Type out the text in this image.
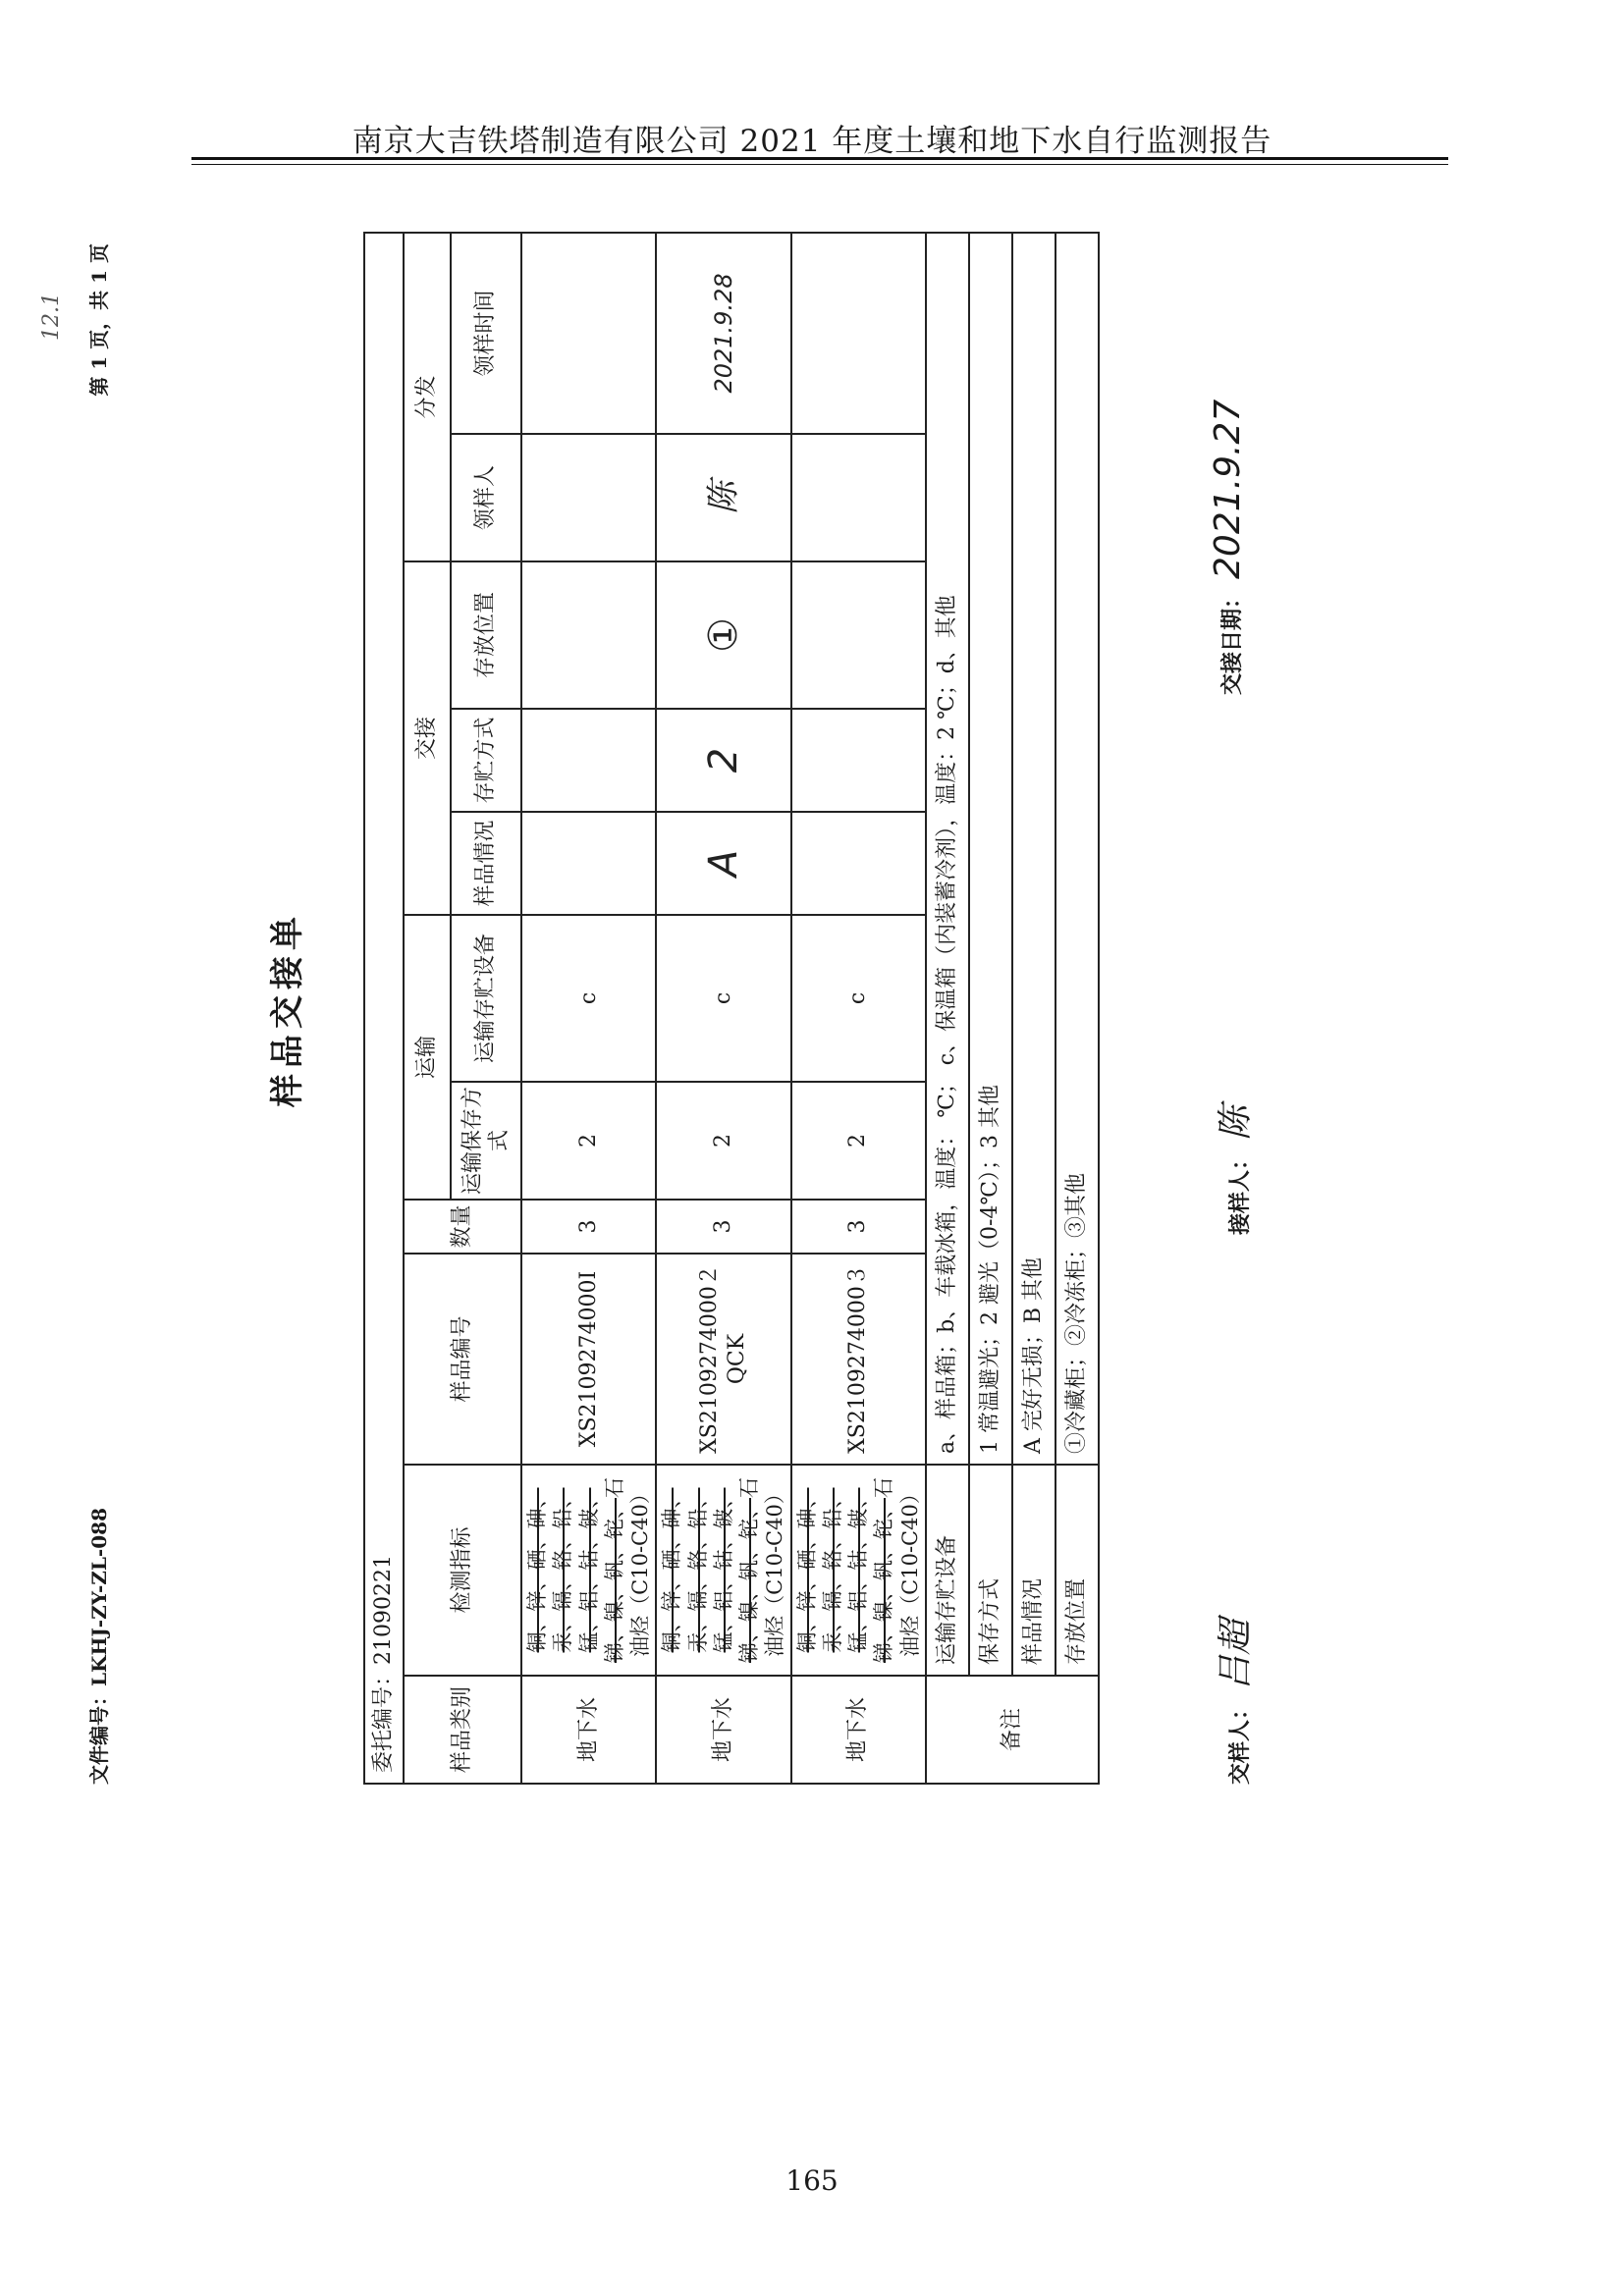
南京大吉铁塔制造有限公司 2021 年度土壤和地下水自行监测报告
样品交接单
第 1 页，共 1 页
12.1
文件编号：LKHJ-ZY-ZL-088	委托编号：21090221										
样品类别	检测指标	样品编号	数量	运输		交接			分发	
				运输保存方式	运输存贮设备	样品情况	存贮方式	存放位置	领样人	领样时间
地下水	铜、锌、硒、砷、汞、镉、铬、铅、锰、铝、钴、铍、锑、镍、钒、铊、石油烃（C10-C40）	XS2109274000I	3	2	c					
地下水	铜、锌、硒、砷、汞、镉、铬、铅、锰、铝、钴、铍、锑、镍、钒、铊、石油烃（C10-C40）	XS2109274000２QCK	3	2	c	A	2	①	陈	2021.9.28
地下水	铜、锌、硒、砷、汞、镉、铬、铅、锰、铝、钴、铍、锑、镍、钒、铊、石油烃（C10-C40）	XS2109274000３	3	2	c					
备注	运输存贮设备	a、样品箱；b、车载冰箱，温度： ℃； c、保温箱（内装蓄冷剂），温度：2 ℃；d、其他								
	保存方式	1 常温避光；2 避光（0-4℃）；3 其他								
	样品情况	A 完好无损；B 其他								
	存放位置	①冷藏柜；②冷冻柜；③其他								
交样人：吕超
接样人：陈
交接日期：2021.9.27
165
